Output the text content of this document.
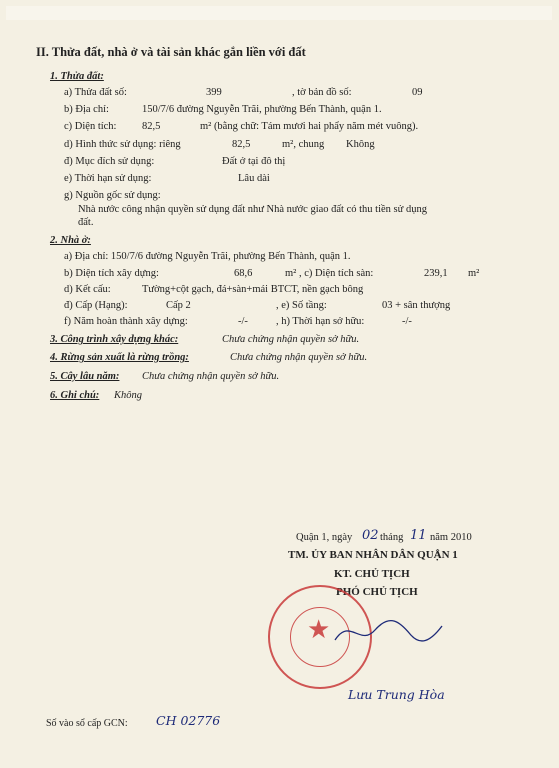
II. Thửa đất, nhà ở và tài sản khác gắn liền với đất
1. Thửa đất:
a) Thửa đất số:	399	, tờ bản đồ số:	09
b) Địa chỉ:	150/7/6 đường Nguyễn Trãi, phường Bến Thành, quận 1.
c) Diện tích: 82,5	m² (bằng chữ: Tám mươi hai phẩy năm mét vuông).
d) Hình thức sử dụng: riêng	82,5	m², chung Không
đ) Mục đích sử dụng:	Đất ở tại đô thị
e) Thời hạn sử dụng:	Lâu dài
g) Nguồn gốc sử dụng:
Nhà nước công nhận quyền sử dụng đất như Nhà nước giao đất có thu tiền sử dụng
đất.
2. Nhà ở:
a) Địa chỉ: 150/7/6 đường Nguyễn Trãi, phường Bến Thành, quận 1.
b) Diện tích xây dựng:	68,6	m² , c) Diện tích sàn:	239,1 m²
d) Kết cấu:	Tường+cột gạch, đá+sàn+mái BTCT, nền gạch bông
đ) Cấp (Hạng):	Cấp 2	, e) Số tầng:	03 + sân thượng
f) Năm hoàn thành xây dựng:	-/-	, h) Thời hạn sở hữu:	-/-
3. Công trình xây dựng khác:	Chưa chứng nhận quyền sở hữu.
4. Rừng sản xuất là rừng trồng:	Chưa chứng nhận quyền sở hữu.
5. Cây lâu năm: Chưa chứng nhận quyền sở hữu.
6. Ghi chú: Không
Quận 1, ngày 02 tháng 11 năm 2010
TM. ỦY BAN NHÂN DÂN QUẬN 1
KT. CHỦ TỊCH
PHÓ CHỦ TỊCH
★
Lưu Trung Hòa
Số vào sổ cấp GCN: CH 02776
